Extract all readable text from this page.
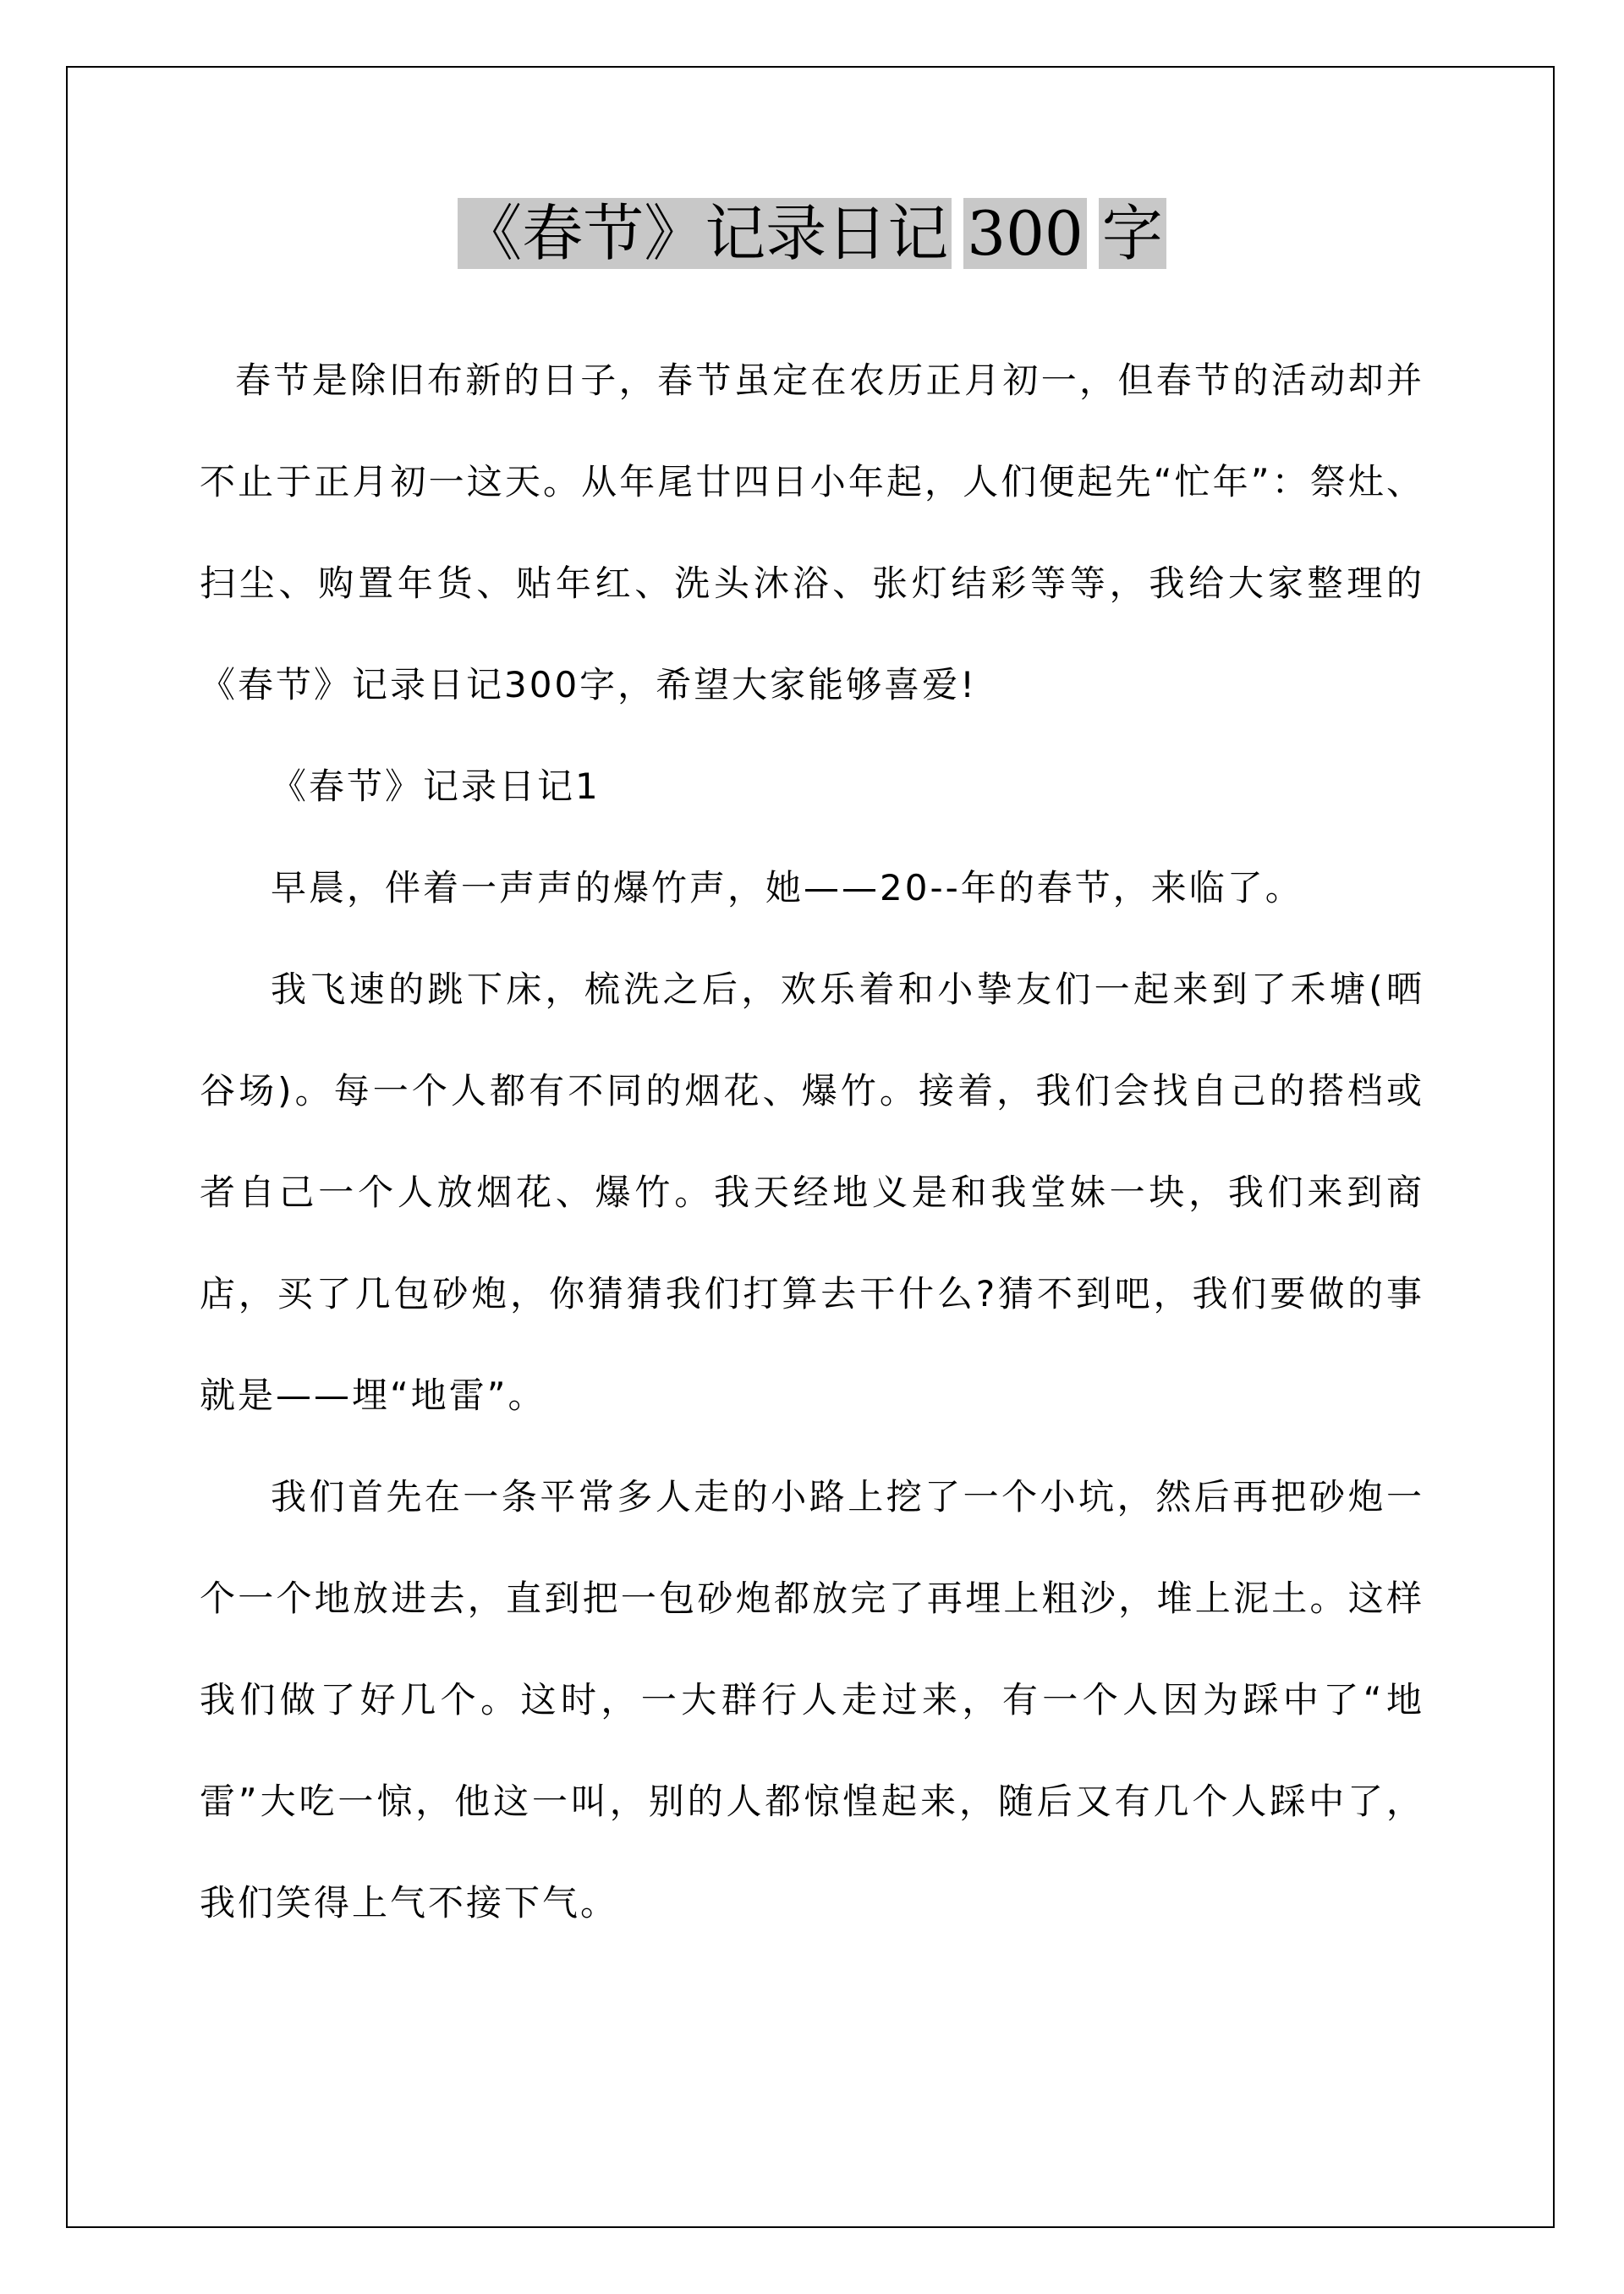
《春节》记录日记 300 字

春节是除旧布新的日子，春节虽定在农历正月初一，但春节的活动却并不止于正月初一这天。从年尾廿四日小年起，人们便起先“忙年”：祭灶、扫尘、购置年货、贴年红、洗头沐浴、张灯结彩等等，我给大家整理的《春节》记录日记300字，希望大家能够喜爱!

《春节》记录日记1

早晨，伴着一声声的爆竹声，她——20--年的春节，来临了。

我飞速的跳下床，梳洗之后，欢乐着和小挚友们一起来到了禾塘(晒谷场)。每一个人都有不同的烟花、爆竹。接着，我们会找自己的搭档或者自己一个人放烟花、爆竹。我天经地义是和我堂妹一块，我们来到商店，买了几包砂炮，你猜猜我们打算去干什么?猜不到吧，我们要做的事就是——埋“地雷”。

我们首先在一条平常多人走的小路上挖了一个小坑，然后再把砂炮一个一个地放进去，直到把一包砂炮都放完了再埋上粗沙，堆上泥土。这样我们做了好几个。这时，一大群行人走过来，有一个人因为踩中了“地雷”大吃一惊，他这一叫，别的人都惊惶起来，随后又有几个人踩中了，我们笑得上气不接下气。
